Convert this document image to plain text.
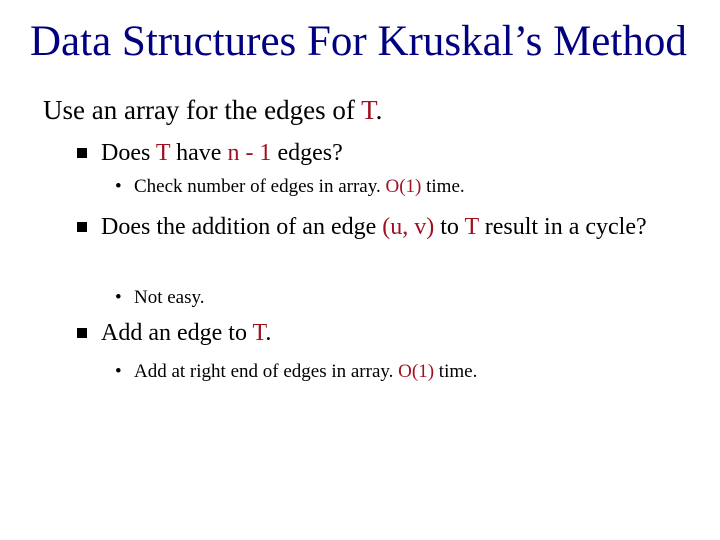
Data Structures For Kruskal’s Method
Use an array for the edges of T.
Does T have n - 1 edges?
• Check number of edges in array. O(1) time.
Does the addition of an edge (u, v) to T result in a cycle?
• Not easy.
Add an edge to T.
• Add at right end of edges in array. O(1) time.
